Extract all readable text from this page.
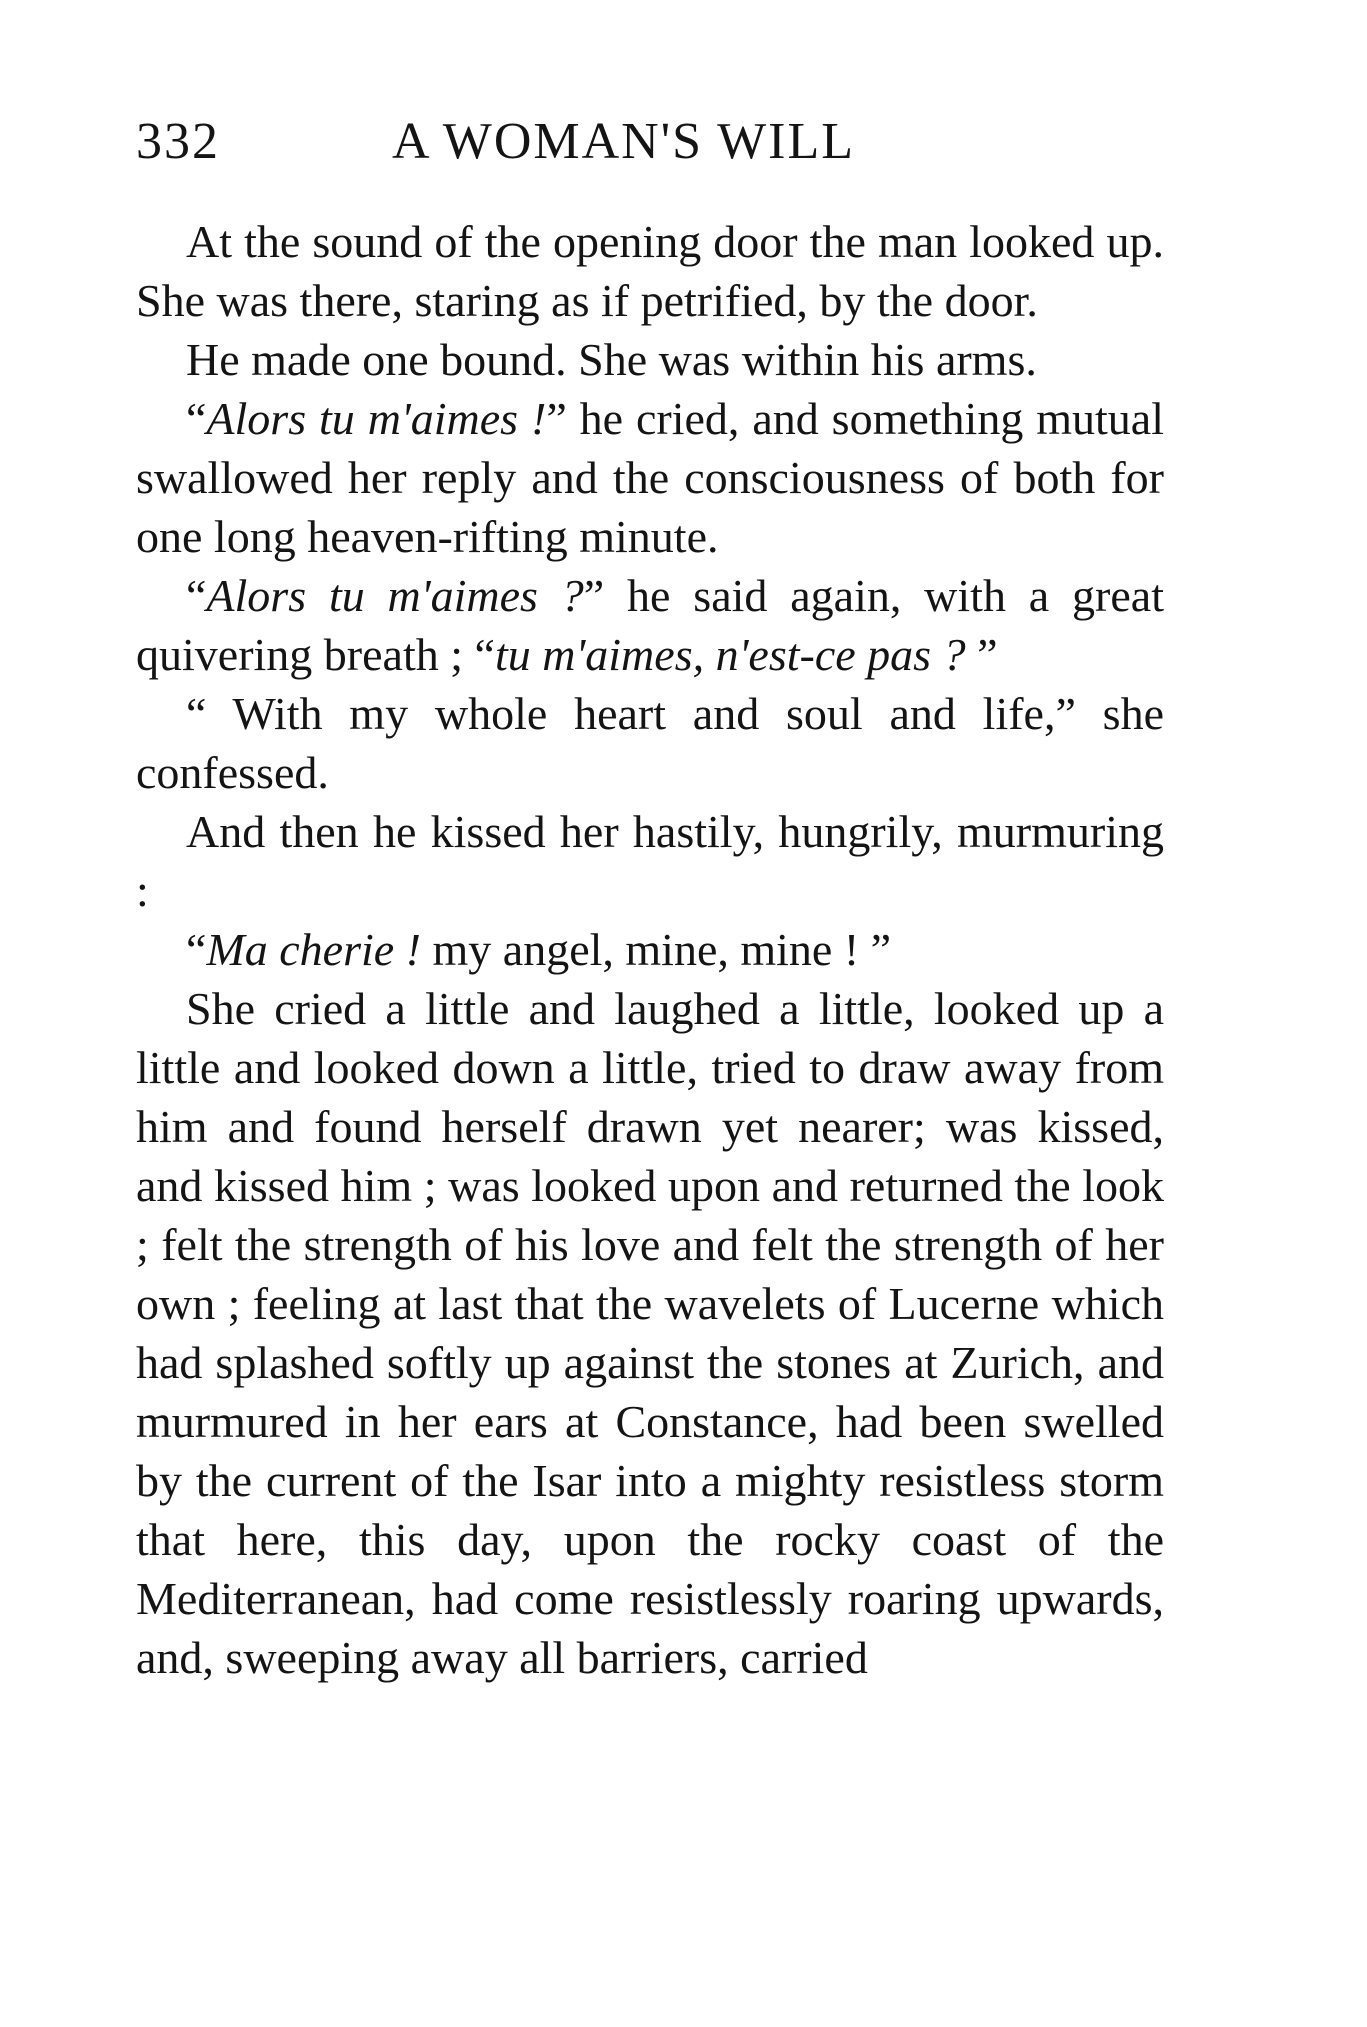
332	A WOMAN'S WILL

At the sound of the opening door the man looked up. She was there, staring as if petrified, by the door.

He made one bound. She was within his arms.

“Alors tu m'aimes !” he cried, and something mutual swallowed her reply and the consciousness of both for one long heaven-rifting minute.

“Alors tu m'aimes ?” he said again, with a great quivering breath ; “tu m'aimes, n'est-ce pas ? ”

“ With my whole heart and soul and life,” she confessed.

And then he kissed her hastily, hungrily, murmuring :

“Ma cherie ! my angel, mine, mine ! ”

She cried a little and laughed a little, looked up a little and looked down a little, tried to draw away from him and found herself drawn yet nearer; was kissed, and kissed him ; was looked upon and returned the look ; felt the strength of his love and felt the strength of her own ; feeling at last that the wavelets of Lucerne which had splashed softly up against the stones at Zurich, and murmured in her ears at Constance, had been swelled by the current of the Isar into a mighty resistless storm that here, this day, upon the rocky coast of the Mediterranean, had come resistlessly roaring upwards, and, sweeping away all barriers, carried
